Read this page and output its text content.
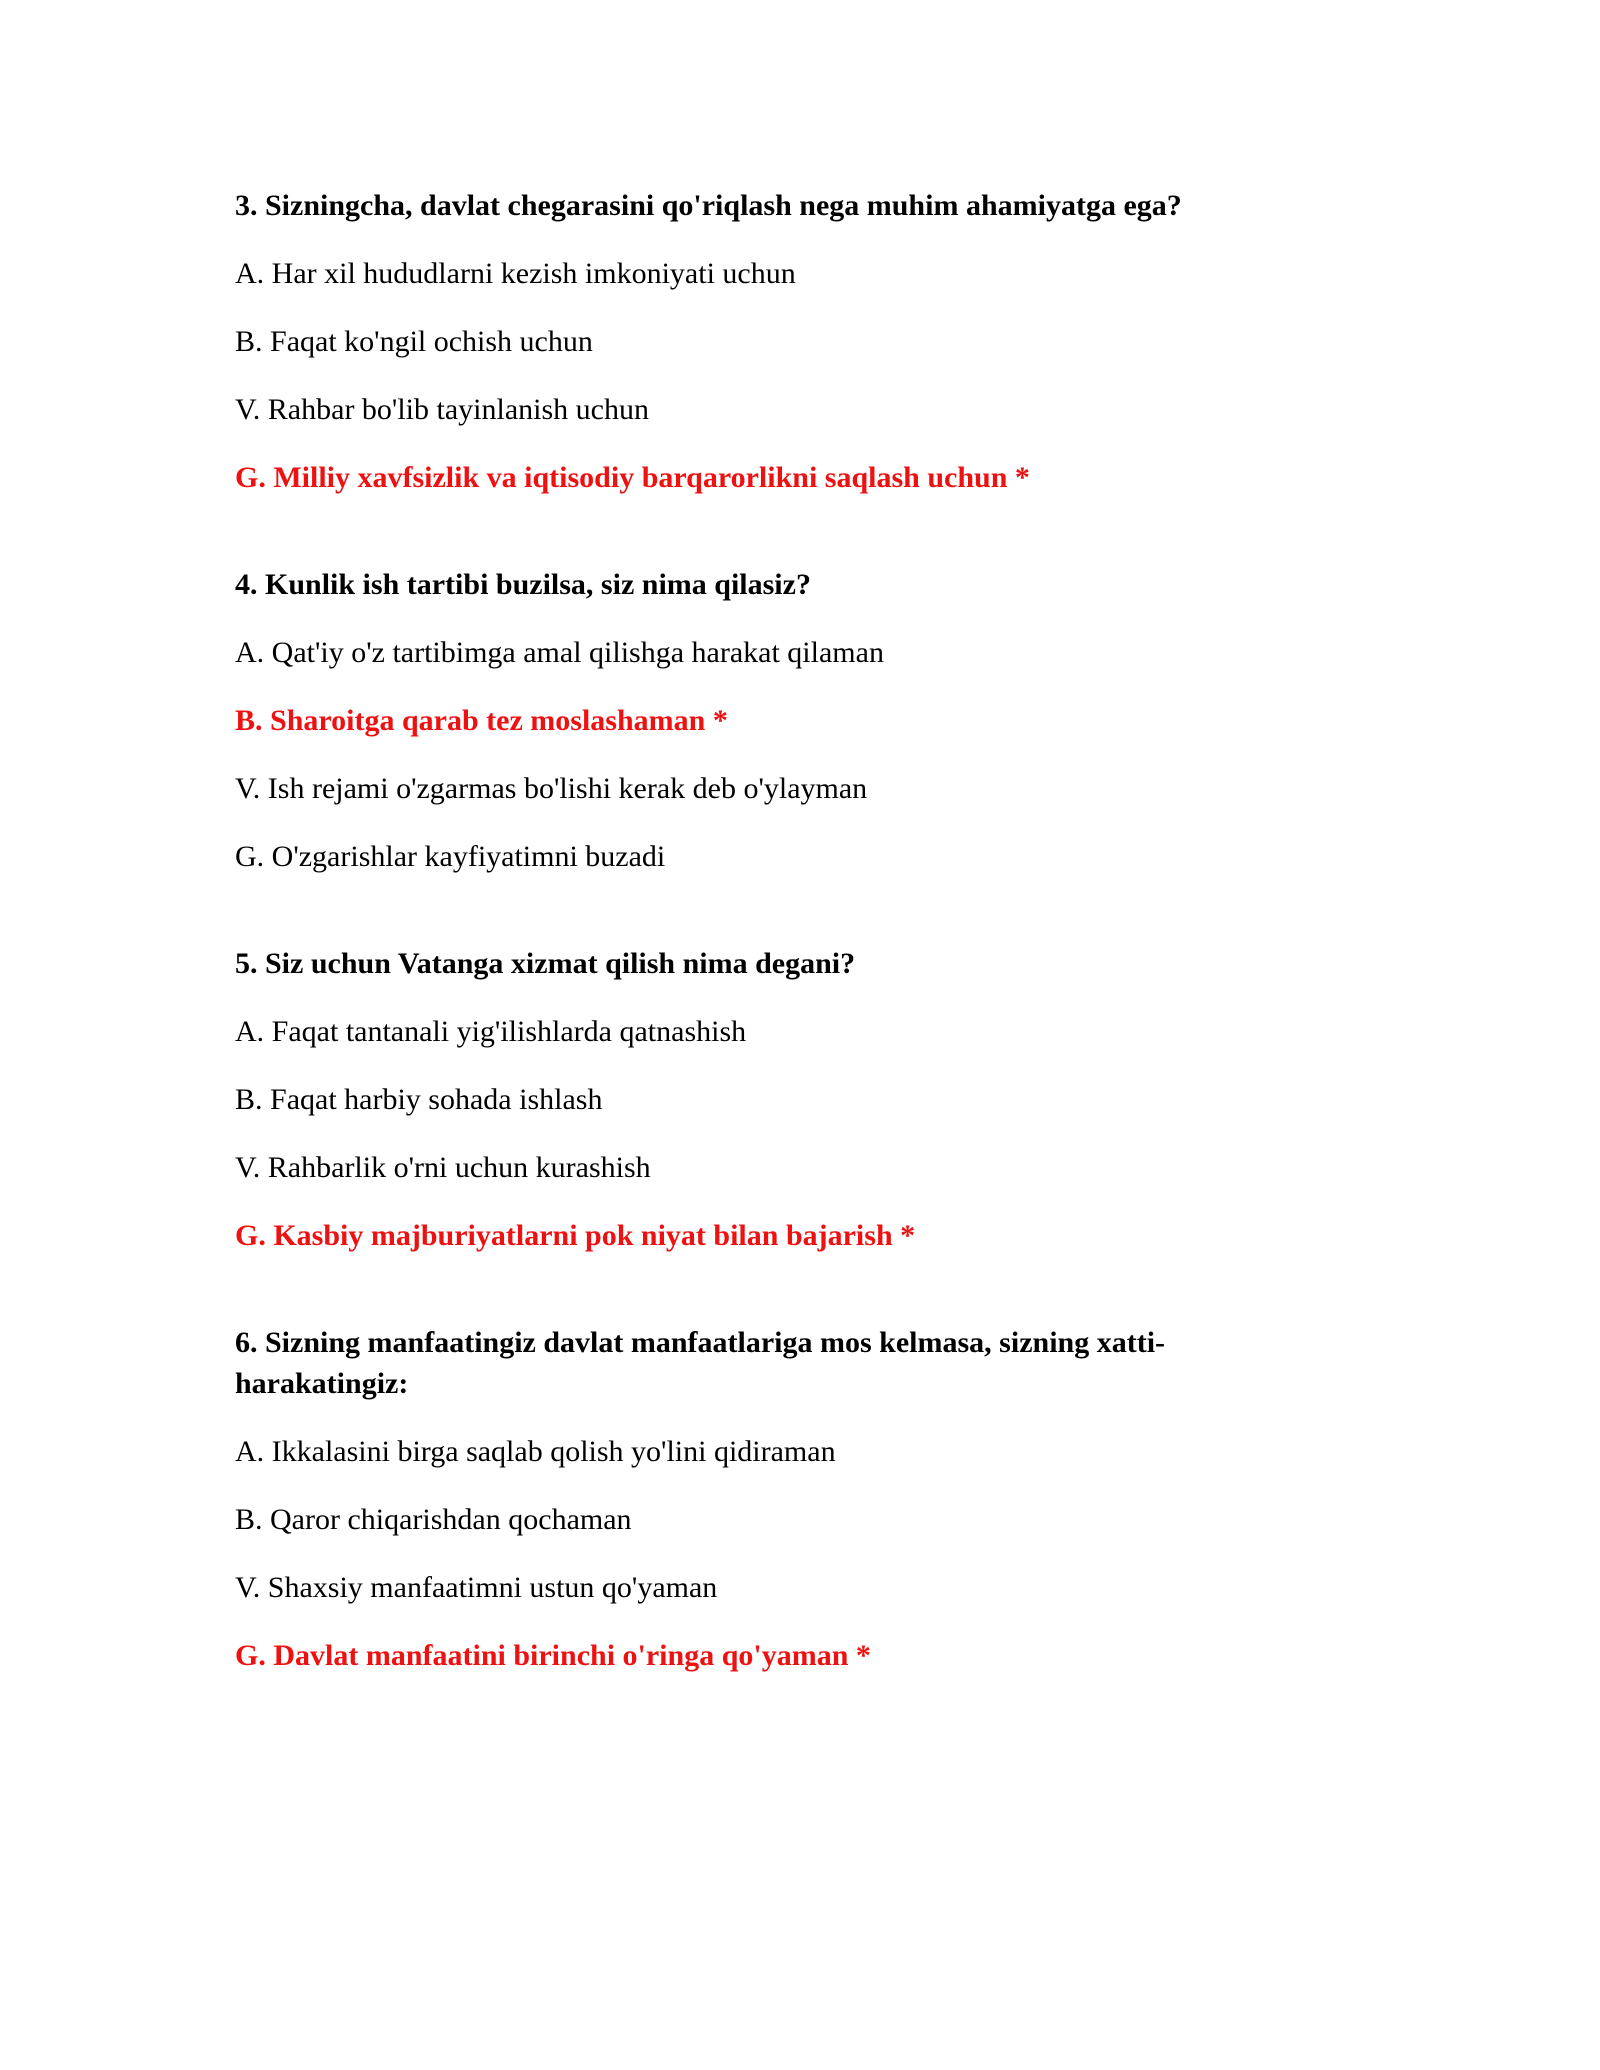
3. Sizningcha, davlat chegarasini qo'riqlash nega muhim ahamiyatga ega?
A. Har xil hududlarni kezish imkoniyati uchun
B. Faqat ko'ngil ochish uchun
V. Rahbar bo'lib tayinlanish uchun
G. Milliy xavfsizlik va iqtisodiy barqarorlikni saqlash uchun *
4. Kunlik ish tartibi buzilsa, siz nima qilasiz?
A. Qat'iy o'z tartibimga amal qilishga harakat qilaman
B. Sharoitga qarab tez moslashaman *
V. Ish rejami o'zgarmas bo'lishi kerak deb o'ylayman
G. O'zgarishlar kayfiyatimni buzadi
5. Siz uchun Vatanga xizmat qilish nima degani?
A. Faqat tantanali yig'ilishlarda qatnashish
B. Faqat harbiy sohada ishlash
V. Rahbarlik o'rni uchun kurashish
G. Kasbiy majburiyatlarni pok niyat bilan bajarish *
6. Sizning manfaatingiz davlat manfaatlariga mos kelmasa, sizning xatti-harakatingiz:
A. Ikkalasini birga saqlab qolish yo'lini qidiraman
B. Qaror chiqarishdan qochaman
V. Shaxsiy manfaatimni ustun qo'yaman
G. Davlat manfaatini birinchi o'ringa qo'yaman *
